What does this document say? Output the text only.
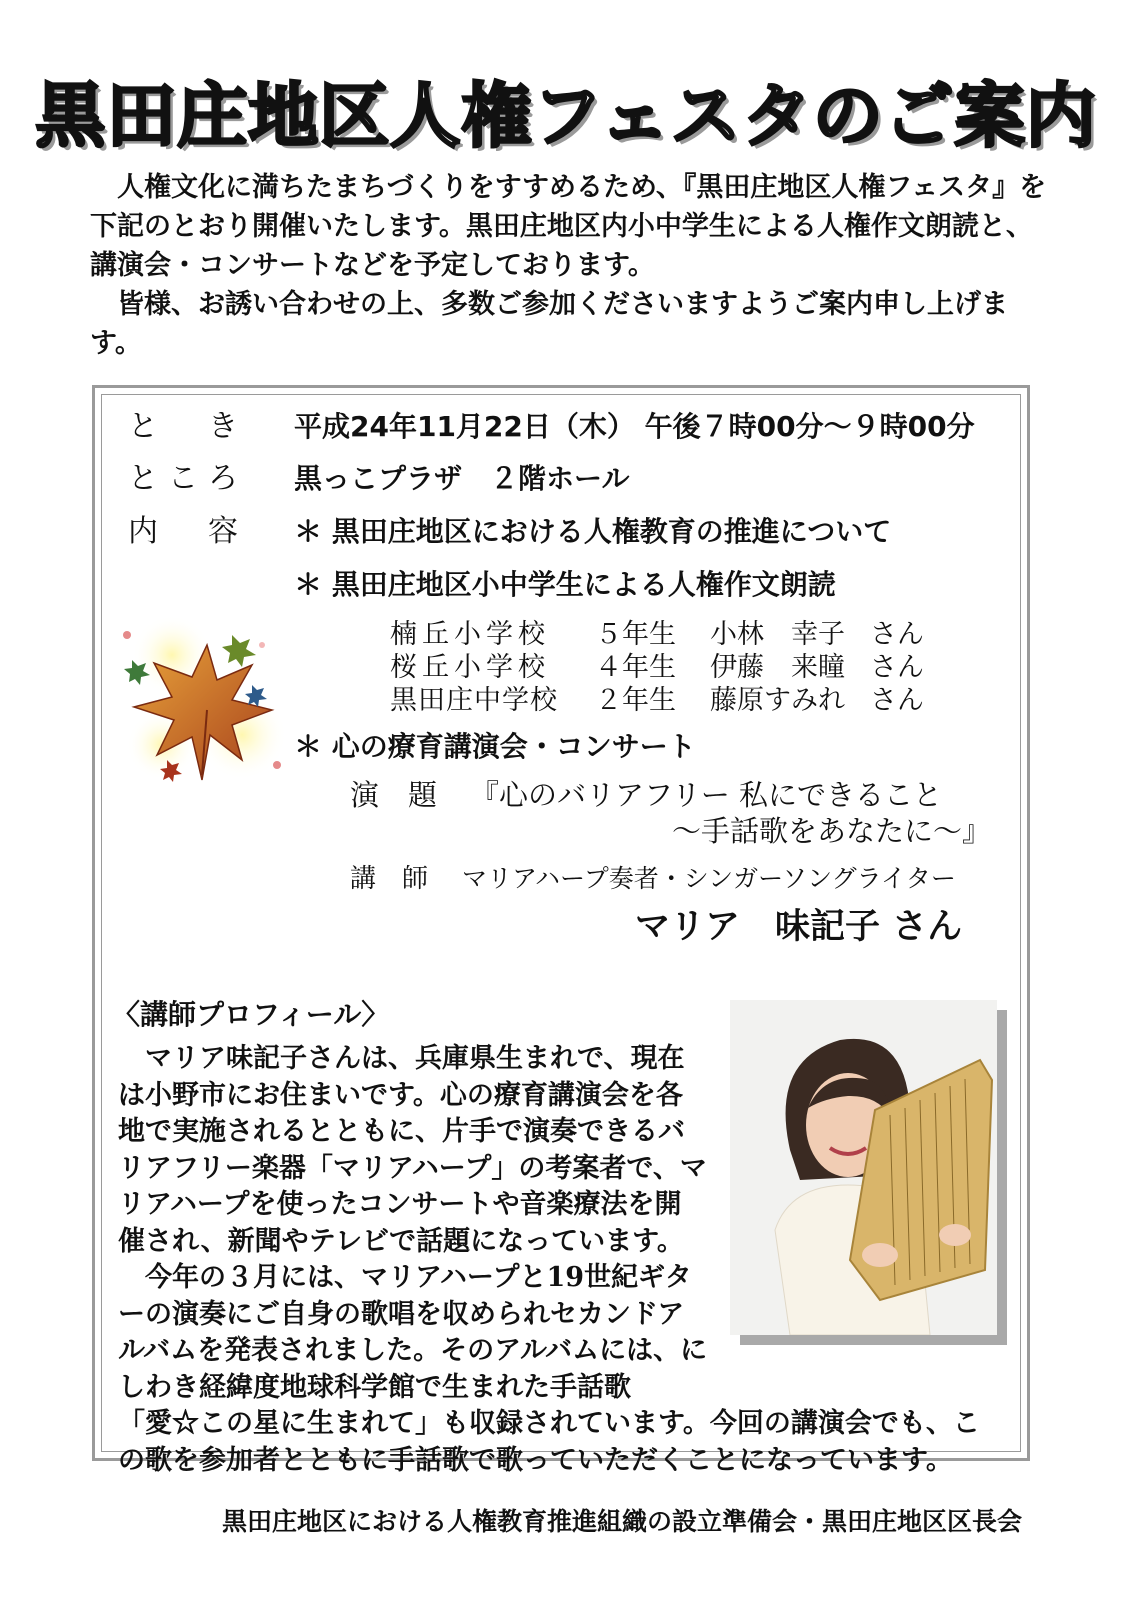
黒田庄地区人権フェスタのご案内

人権文化に満ちたまちづくりをすすめるため、『黒田庄地区人権フェスタ』を下記のとおり開催いたします。黒田庄地区内小中学生による人権作文朗読と、講演会・コンサートなどを予定しております。

皆様、お誘い合わせの上、多数ご参加くださいますようご案内申し上げます。

と　き 平成24年11月22日（木） 午後７時00分～９時00分
ところ 黒っこプラザ　２階ホール
内　容 ＊ 黒田庄地区における人権教育の推進について
＊ 黒田庄地区小中学生による人権作文朗読
楠丘小学校	５年生 小林　幸子 さん
桜丘小学校	４年生 伊藤　来瞳 さん
黒田庄中学校 ２年生 藤原すみれ さん
＊ 心の療育講演会・コンサート
演　題 『心のバリアフリー 私にできること
～手話歌をあなたに～』
講　師 マリアハープ奏者・シンガーソングライター
マリア　味記子 さん
〈講師プロフィール〉

マリア味記子さんは、兵庫県生まれで、現在は小野市にお住まいです。心の療育講演会を各地で実施されるとともに、片手で演奏できるバリアフリー楽器「マリアハープ」の考案者で、マリアハープを使ったコンサートや音楽療法を開催され、新聞やテレビで話題になっています。

今年の３月には、マリアハープと19世紀ギターの演奏にご自身の歌唱を収められセカンドアルバムを発表されました。そのアルバムには、にしわき経緯度地球科学館で生まれた手話歌

「愛☆この星に生まれて」も収録されています。今回の講演会でも、この歌を参加者とともに手話歌で歌っていただくことになっています。

黒田庄地区における人権教育推進組織の設立準備会・黒田庄地区区長会
